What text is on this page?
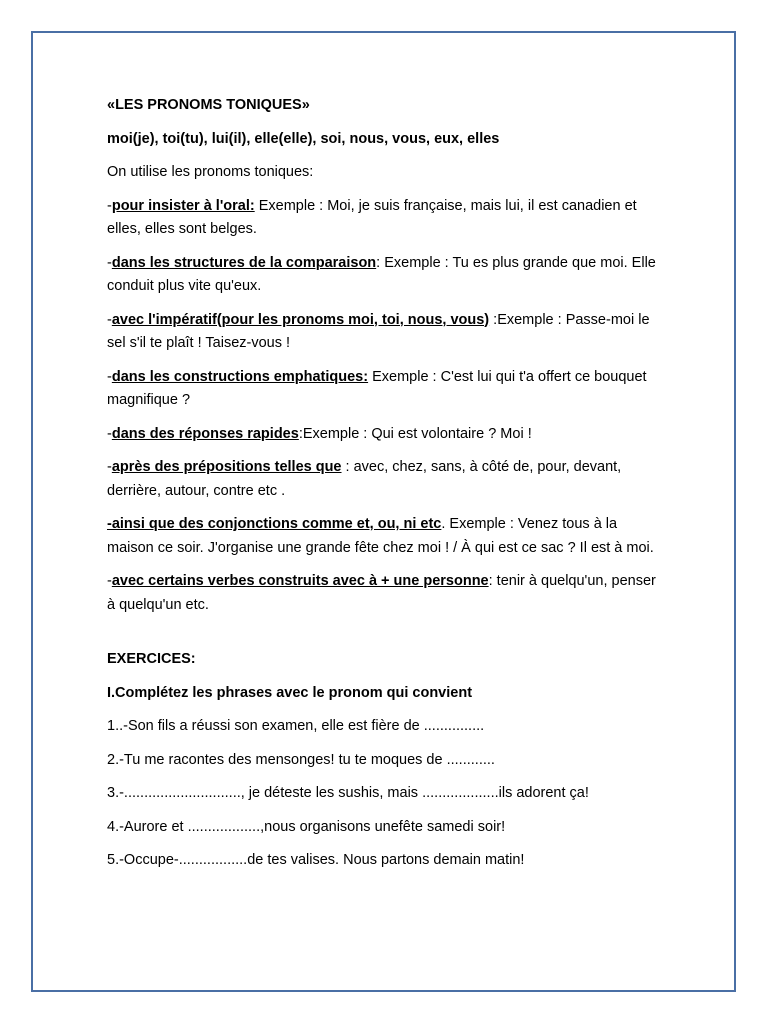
«LES PRONOMS TONIQUES»

moi(je), toi(tu), lui(il), elle(elle), soi, nous, vous, eux, elles

On utilise les pronoms toniques:

-pour insister à l'oral: Exemple : Moi, je suis française, mais lui, il est canadien et elles, elles sont belges.

-dans les structures de la comparaison: Exemple : Tu es plus grande que moi. Elle conduit plus vite qu'eux.

-avec l'impératif(pour les pronoms moi, toi, nous, vous) :Exemple : Passe-moi le sel s'il te plaît ! Taisez-vous !

-dans les constructions emphatiques: Exemple : C'est lui qui t'a offert ce bouquet magnifique ?

-dans des réponses rapides:Exemple : Qui est volontaire ? Moi !

-après des prépositions telles que : avec, chez, sans, à côté de, pour, devant, derrière, autour, contre etc .

-ainsi que des conjonctions comme et, ou, ni etc. Exemple : Venez tous à la maison ce soir. J'organise une grande fête chez moi ! / À qui est ce sac ? Il est à moi.

-avec certains verbes construits avec à + une personne: tenir à quelqu'un, penser à quelqu'un etc.

EXERCICES:

I.Complétez les phrases avec le pronom qui convient

1..-Son fils a réussi son examen, elle est fière de ...............

2.-Tu me racontes des mensonges! tu te moques de ............

3.-............................., je déteste les sushis, mais ...................ils adorent ça!

4.-Aurore et ..................,nous organisons unefête samedi soir!

5.-Occupe-.................de tes valises. Nous partons demain matin!
